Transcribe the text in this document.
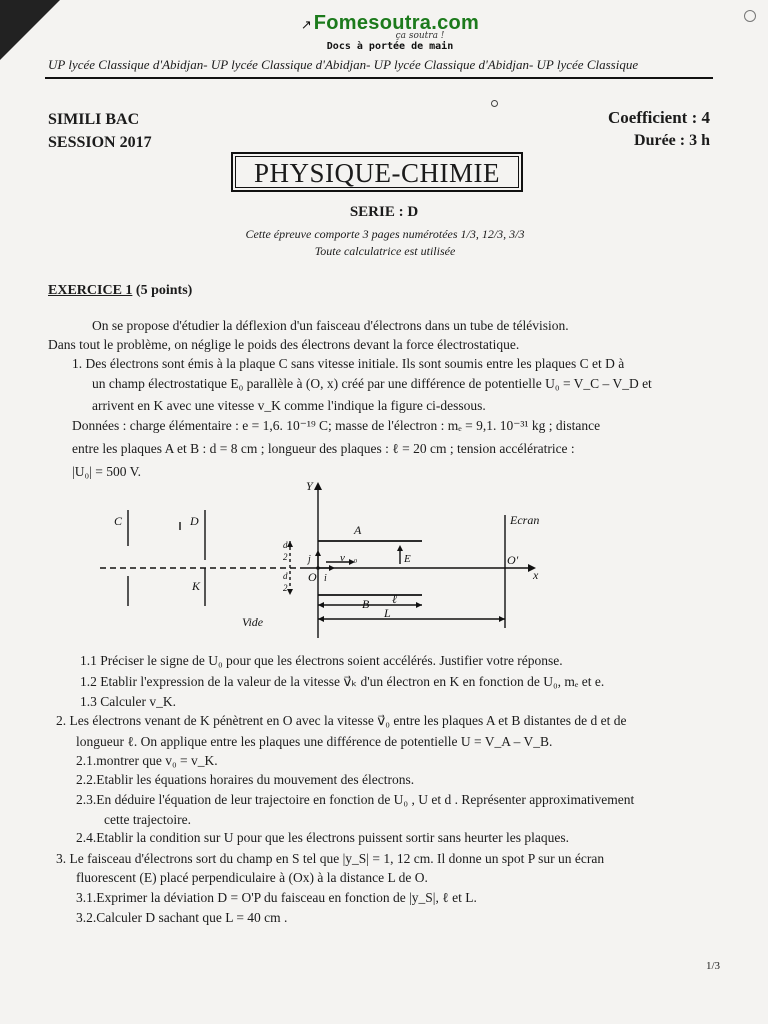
↗ Fomesoutra.com
ça soutra !
Docs à portée de main
UP lycée Classique d'Abidjan- UP lycée Classique d'Abidjan- UP lycée Classique d'Abidjan- UP lycée Classique
SIMILI BAC
SESSION 2017
Coefficient : 4
Durée : 3 h
PHYSIQUE-CHIMIE
SERIE : D
Cette épreuve comporte 3 pages numérotées 1/3, 12/3, 3/3
Toute calculatrice est utilisée
EXERCICE 1 (5 points)
On se propose d'étudier la déflexion d'un faisceau d'électrons dans un tube de télévision.
Dans tout le problème, on néglige le poids des électrons devant la force électrostatique.
1. Des électrons sont émis à la plaque C sans vitesse initiale. Ils sont soumis entre les plaques C et D à
un champ électrostatique E₀ parallèle à (O, x) créé par une différence de potentielle U₀ = V_C – V_D et
arrivent en K avec une vitesse v_K comme l'indique la figure ci-dessous.
Données : charge élémentaire : e = 1,6. 10⁻¹⁹ C; masse de l'électron : mₑ = 9,1. 10⁻³¹ kg ; distance
entre les plaques A et B : d = 8 cm ; longueur des plaques : ℓ = 20 cm ; tension accélératrice :
|U₀| = 500 V.
C	D
K
Vide
Y
x
A
B
Ecran
O
O'
v⃗₀	E⃗
i⃗
j⃗
d
2
d
2
ℓ
L
1.1 Préciser le signe de U₀ pour que les électrons soient accélérés. Justifier votre réponse.
1.2 Etablir l'expression de la valeur de la vitesse v⃗ₖ d'un électron en K en fonction de U₀, mₑ et e.
1.3 Calculer v_K.
2. Les électrons venant de K pénètrent en O avec la vitesse v⃗₀ entre les plaques A et B distantes de d et de
longueur ℓ. On applique entre les plaques une différence de potentielle U = V_A – V_B.
2.1.montrer que v₀ = v_K.
2.2.Etablir les équations horaires du mouvement des électrons.
2.3.En déduire l'équation de leur trajectoire en fonction de U₀ , U et d . Représenter approximativement
cette trajectoire.
2.4.Etablir la condition sur U pour que les électrons puissent sortir sans heurter les plaques.
3. Le faisceau d'électrons sort du champ en S tel que |y_S| = 1, 12 cm. Il donne un spot P sur un écran
fluorescent (E) placé perpendiculaire à (Ox) à la distance L de O.
3.1.Exprimer la déviation D = O'P du faisceau en fonction de |y_S|, ℓ et L.
3.2.Calculer D sachant que L = 40 cm .
1/3
